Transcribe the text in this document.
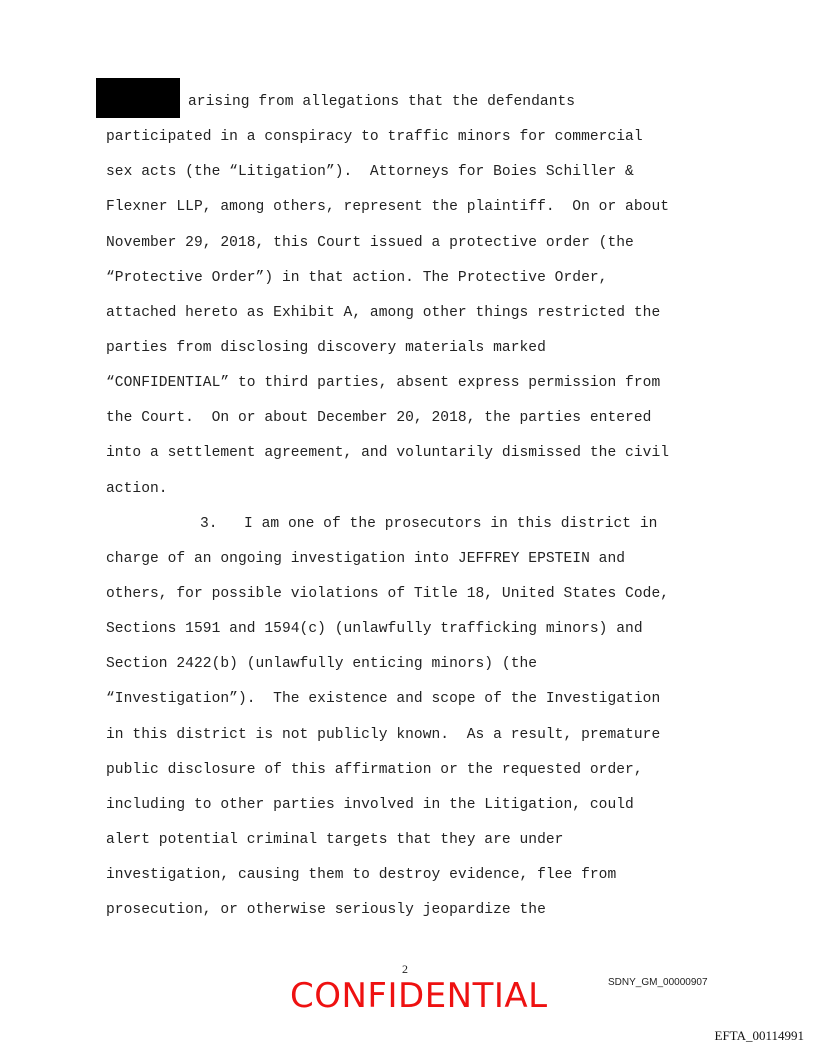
arising from allegations that the defendants
participated in a conspiracy to traffic minors for commercial
sex acts (the “Litigation”).  Attorneys for Boies Schiller &
Flexner LLP, among others, represent the plaintiff.  On or about
November 29, 2018, this Court issued a protective order (the
“Protective Order”) in that action. The Protective Order,
attached hereto as Exhibit A, among other things restricted the
parties from disclosing discovery materials marked
“CONFIDENTIAL” to third parties, absent express permission from
the Court.  On or about December 20, 2018, the parties entered
into a settlement agreement, and voluntarily dismissed the civil
action.
3.   I am one of the prosecutors in this district in
charge of an ongoing investigation into JEFFREY EPSTEIN and
others, for possible violations of Title 18, United States Code,
Sections 1591 and 1594(c) (unlawfully trafficking minors) and
Section 2422(b) (unlawfully enticing minors) (the
“Investigation”).  The existence and scope of the Investigation
in this district is not publicly known.  As a result, premature
public disclosure of this affirmation or the requested order,
including to other parties involved in the Litigation, could
alert potential criminal targets that they are under
investigation, causing them to destroy evidence, flee from
prosecution, or otherwise seriously jeopardize the
2
CONFIDENTIAL	SDNY_GM_00000907
EFTA_00114991
